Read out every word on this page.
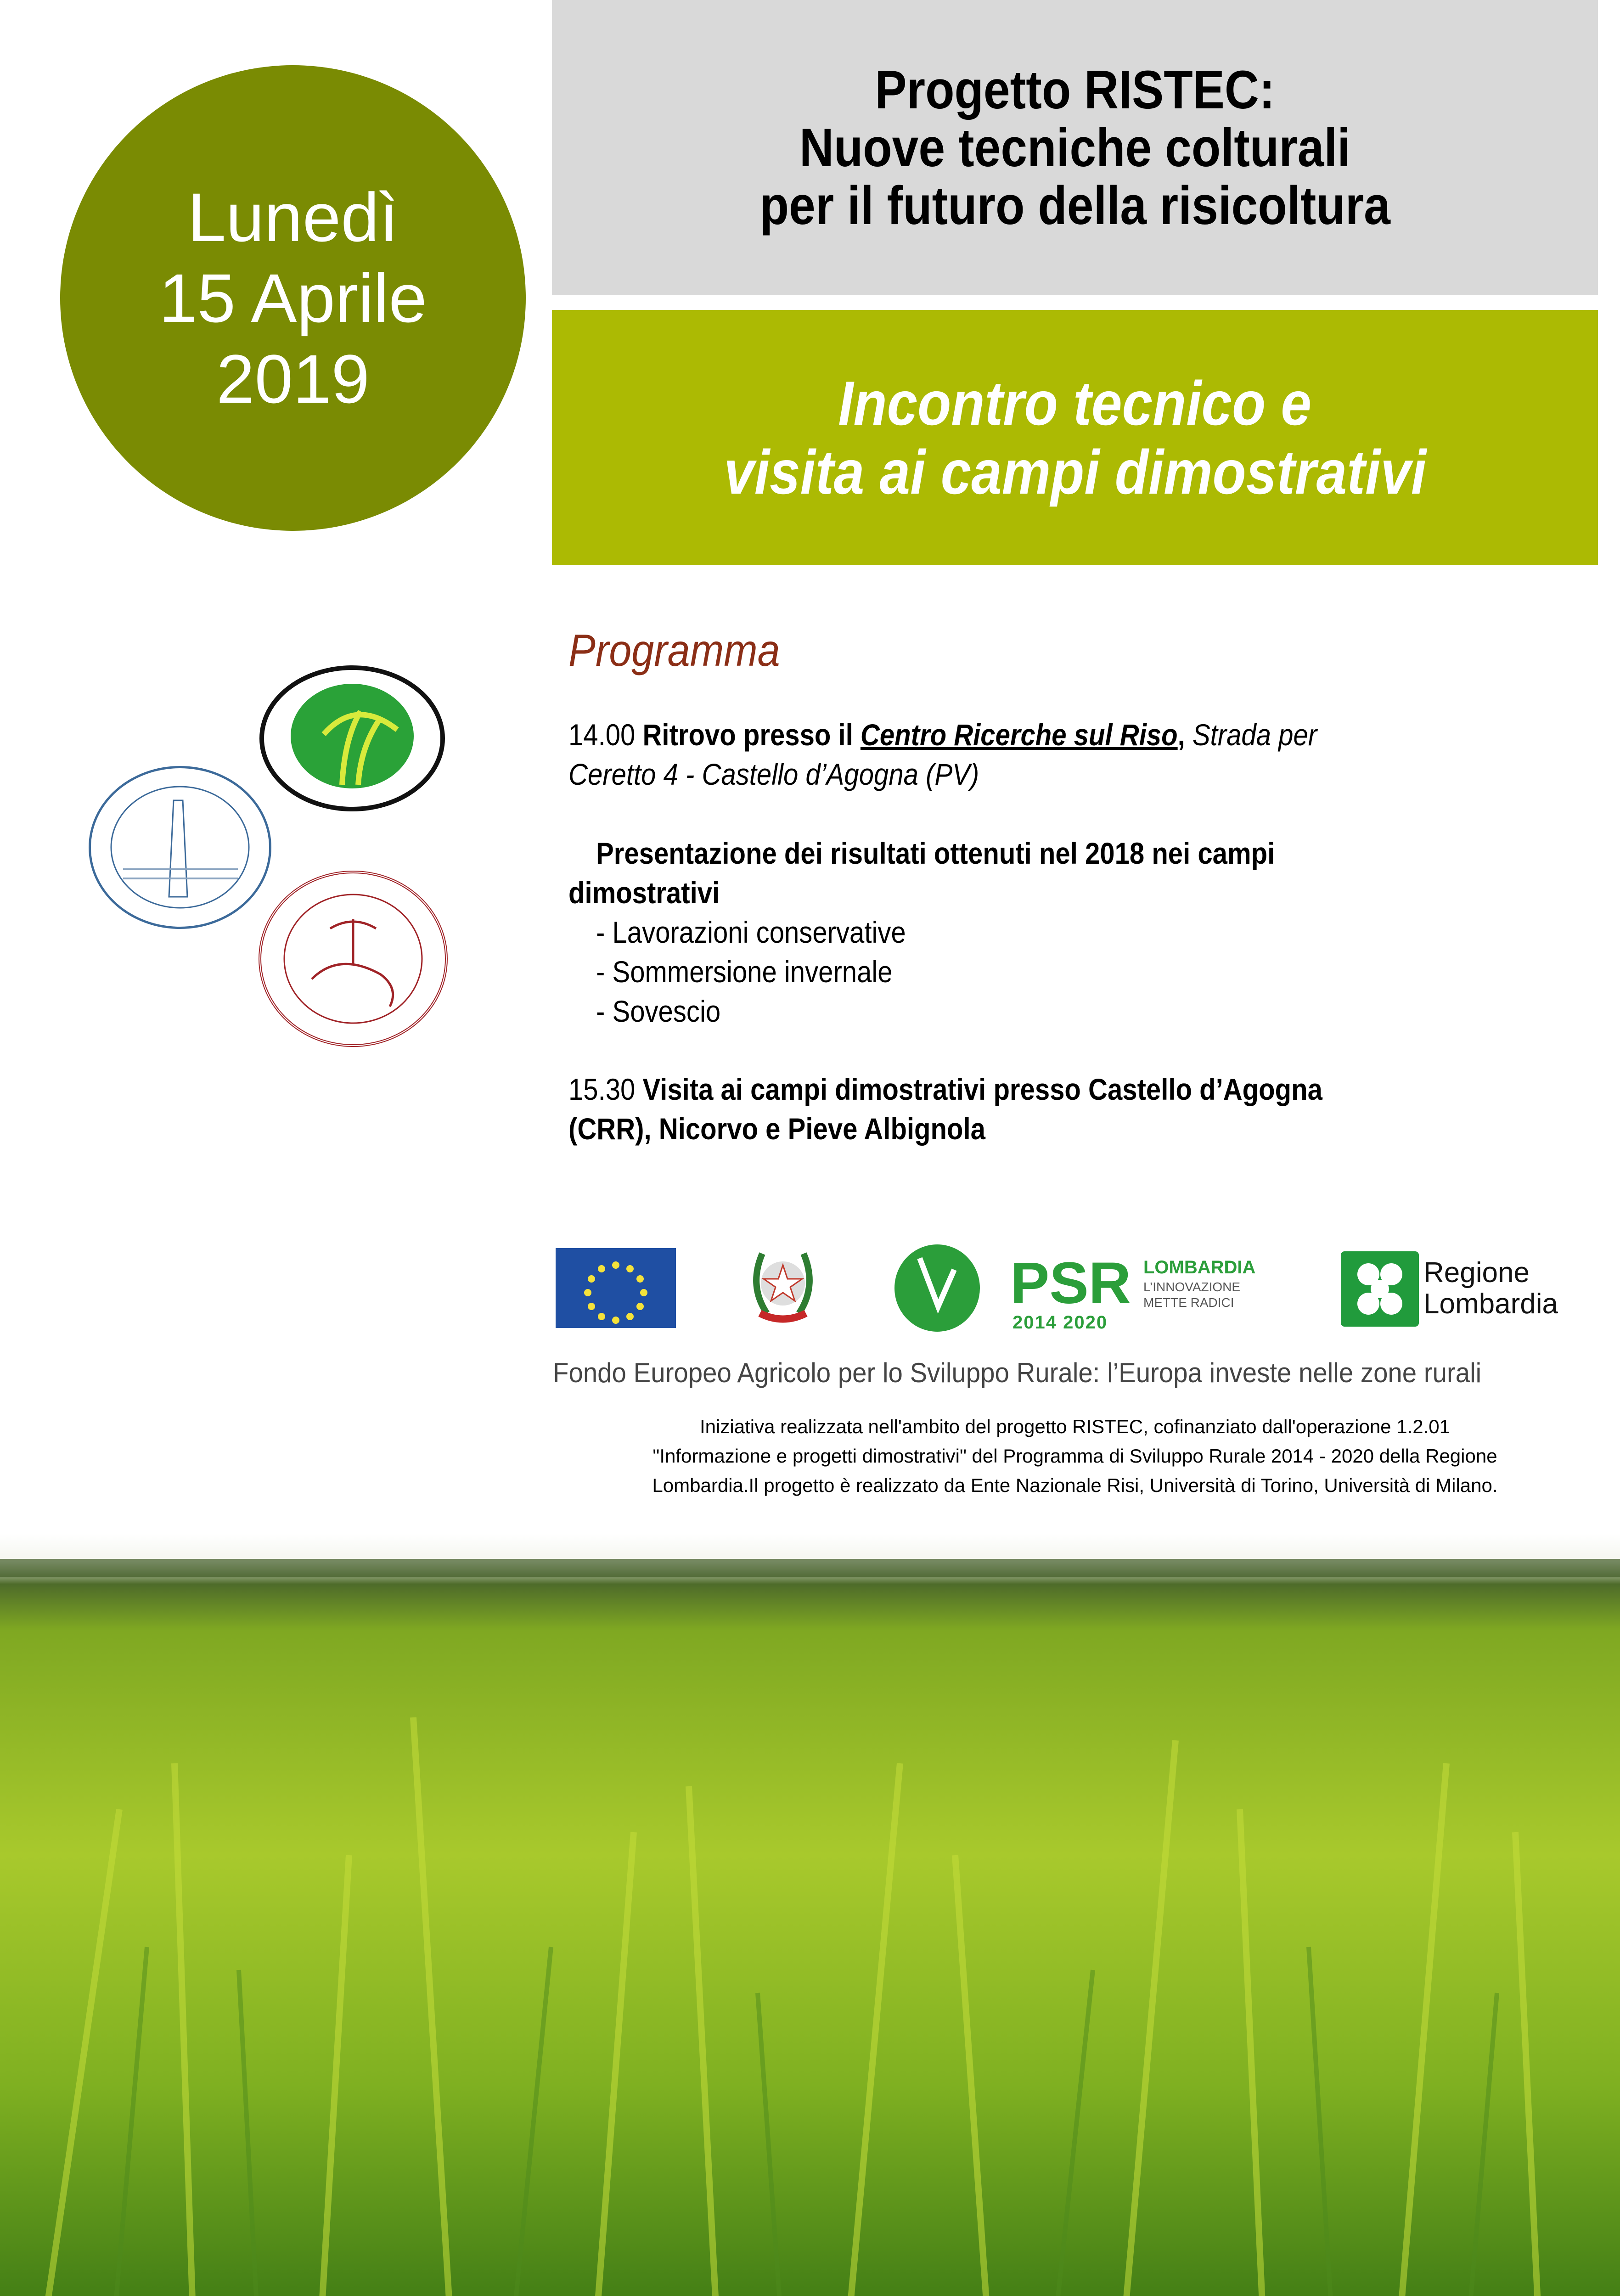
Lunedì
15 Aprile
2019
Progetto RISTEC:
Nuove tecniche colturali
per il futuro della risicoltura
Incontro tecnico e
visita ai campi dimostrativi
Programma
14.00 Ritrovo presso il Centro Ricerche sul Riso, Strada per
Ceretto 4 - Castello d’Agogna (PV)
Presentazione dei risultati ottenuti nel 2018 nei campi
dimostrativi
- Lavorazioni conservative
- Sommersione invernale
- Sovescio
15.30 Visita ai campi dimostrativi presso Castello d’Agogna
(CRR), Nicorvo e Pieve Albignola
PSR
2014 2020
LOMBARDIA
L’INNOVAZIONE
METTE RADICI
Regione
Lombardia
Fondo Europeo Agricolo per lo Sviluppo Rurale: l’Europa investe nelle zone rurali
Iniziativa realizzata nell'ambito del progetto RISTEC, cofinanziato dall'operazione 1.2.01
"Informazione e progetti dimostrativi" del Programma di Sviluppo Rurale 2014 - 2020 della Regione
Lombardia.Il progetto è realizzato da Ente Nazionale Risi, Università di Torino, Università di Milano.
